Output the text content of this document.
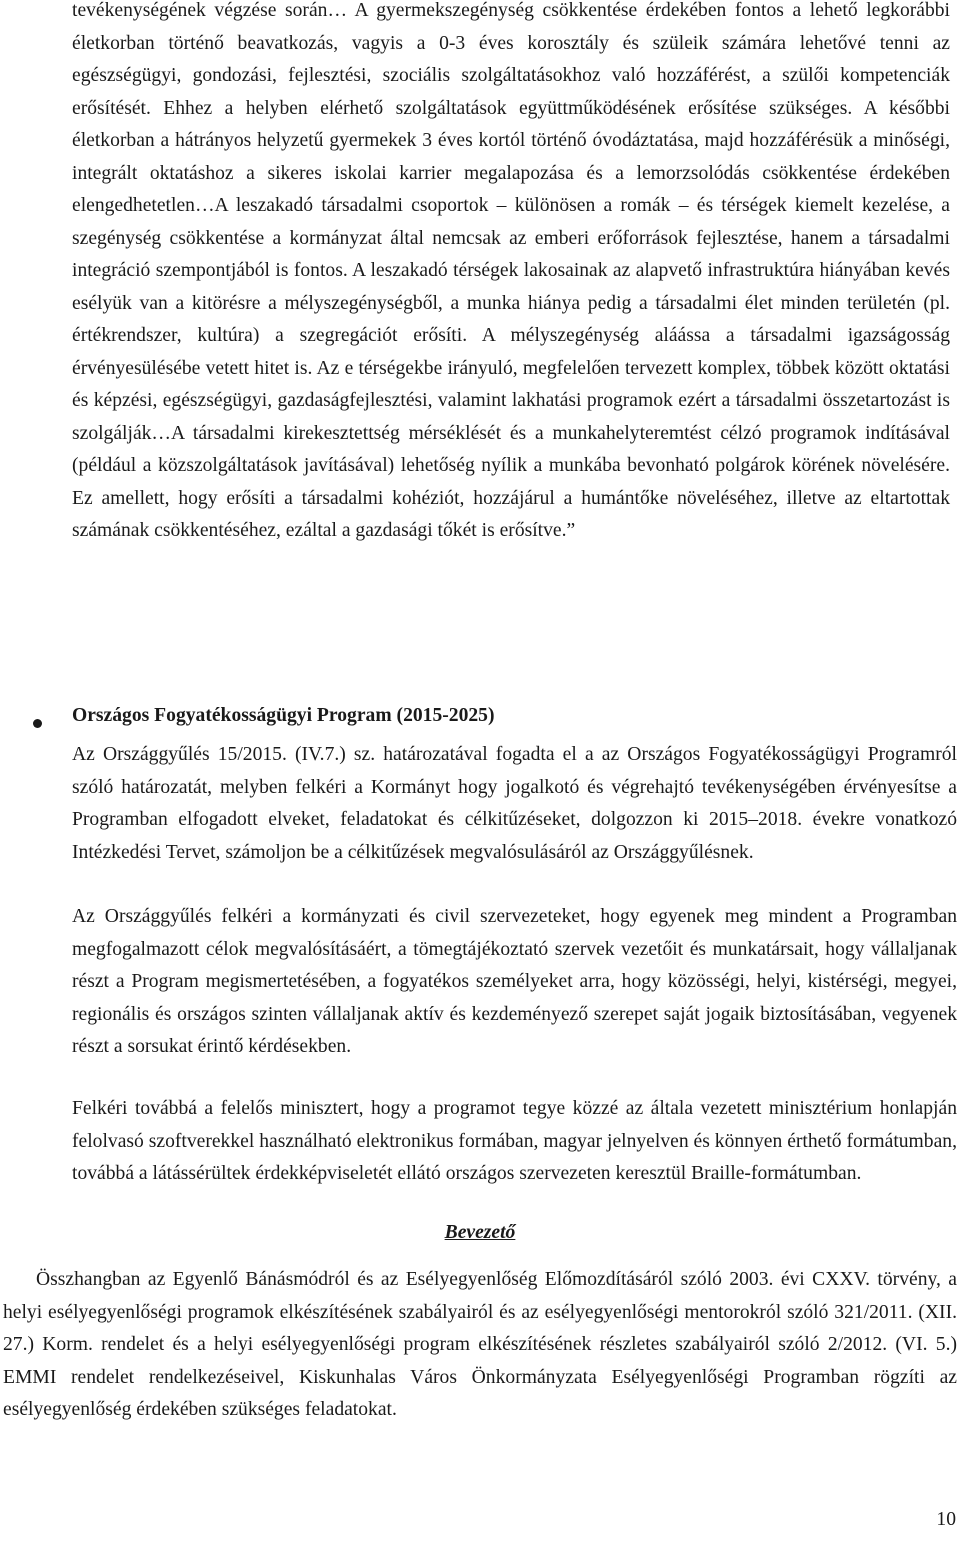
tevékenységének végzése során… A gyermekszegénység csökkentése érdekében fontos a lehető legkorábbi életkorban történő beavatkozás, vagyis a 0-3 éves korosztály és szüleik számára lehetővé tenni az egészségügyi, gondozási, fejlesztési, szociális szolgáltatásokhoz való hozzáférést, a szülői kompetenciák erősítését. Ehhez a helyben elérhető szolgáltatások együttműködésének erősítése szükséges. A későbbi életkorban a hátrányos helyzetű gyermekek 3 éves kortól történő óvodáztatása, majd hozzáférésük a minőségi, integrált oktatáshoz a sikeres iskolai karrier megalapozása és a lemorzsolódás csökkentése érdekében elengedhetetlen…A leszakadó társadalmi csoportok – különösen a romák – és térségek kiemelt kezelése, a szegénység csökkentése a kormányzat által nemcsak az emberi erőforrások fejlesztése, hanem a társadalmi integráció szempontjából is fontos. A leszakadó térségek lakosainak az alapvető infrastruktúra hiányában kevés esélyük van a kitörésre a mélyszegénységből, a munka hiánya pedig a társadalmi élet minden területén (pl. értékrendszer, kultúra) a szegregációt erősíti. A mélyszegénység aláássa a társadalmi igazságosság érvényesülésébe vetett hitet is. Az e térségekbe irányuló, megfelelően tervezett komplex, többek között oktatási és képzési, egészségügyi, gazdaságfejlesztési, valamint lakhatási programok ezért a társadalmi összetartozást is szolgálják…A társadalmi kirekesztettség mérséklését és a munkahelyteremtést célzó programok indításával (például a közszolgáltatások javításával) lehetőség nyílik a munkába bevonható polgárok körének növelésére. Ez amellett, hogy erősíti a társadalmi kohéziót, hozzájárul a humántőke növeléséhez, illetve az eltartottak számának csökkentéséhez, ezáltal a gazdasági tőkét is erősítve.”

Országos Fogyatékosságügyi Program (2015-2025)

Az Országgyűlés 15/2015. (IV.7.) sz. határozatával fogadta el a az Országos Fogyatékosságügyi Programról szóló határozatát, melyben felkéri a Kormányt hogy jogalkotó és végrehajtó tevékenységében érvényesítse a Programban elfogadott elveket, feladatokat és célkitűzéseket, dolgozzon ki 2015–2018. évekre vonatkozó Intézkedési Tervet, számoljon be a célkitűzések megvalósulásáról az Országgyűlésnek.

Az Országgyűlés felkéri a kormányzati és civil szervezeteket, hogy egyenek meg mindent a Programban megfogalmazott célok megvalósításáért, a tömegtájékoztató szervek vezetőit és munkatársait, hogy vállaljanak részt a Program megismertetésében, a fogyatékos személyeket arra, hogy közösségi, helyi, kistérségi, megyei, regionális és országos szinten vállaljanak aktív és kezdeményező szerepet saját jogaik biztosításában, vegyenek részt a sorsukat érintő kérdésekben.

Felkéri továbbá a felelős minisztert, hogy a programot tegye közzé az általa vezetett minisztérium honlapján felolvasó szoftverekkel használható elektronikus formában, magyar jelnyelven és könnyen érthető formátumban, továbbá a látássérültek érdekképviseletét ellátó országos szervezeten keresztül Braille-formátumban.

Bevezető

Összhangban az Egyenlő Bánásmódról és az Esélyegyenlőség Előmozdításáról szóló 2003. évi CXXV. törvény, a helyi esélyegyenlőségi programok elkészítésének szabályairól és az esélyegyenlőségi mentorokról szóló 321/2011. (XII. 27.) Korm. rendelet és a helyi esélyegyenlőségi program elkészítésének részletes szabályairól szóló 2/2012. (VI. 5.) EMMI rendelet rendelkezéseivel, Kiskunhalas Város Önkormányzata Esélyegyenlőségi Programban rögzíti az esélyegyenlőség érdekében szükséges feladatokat.

10
